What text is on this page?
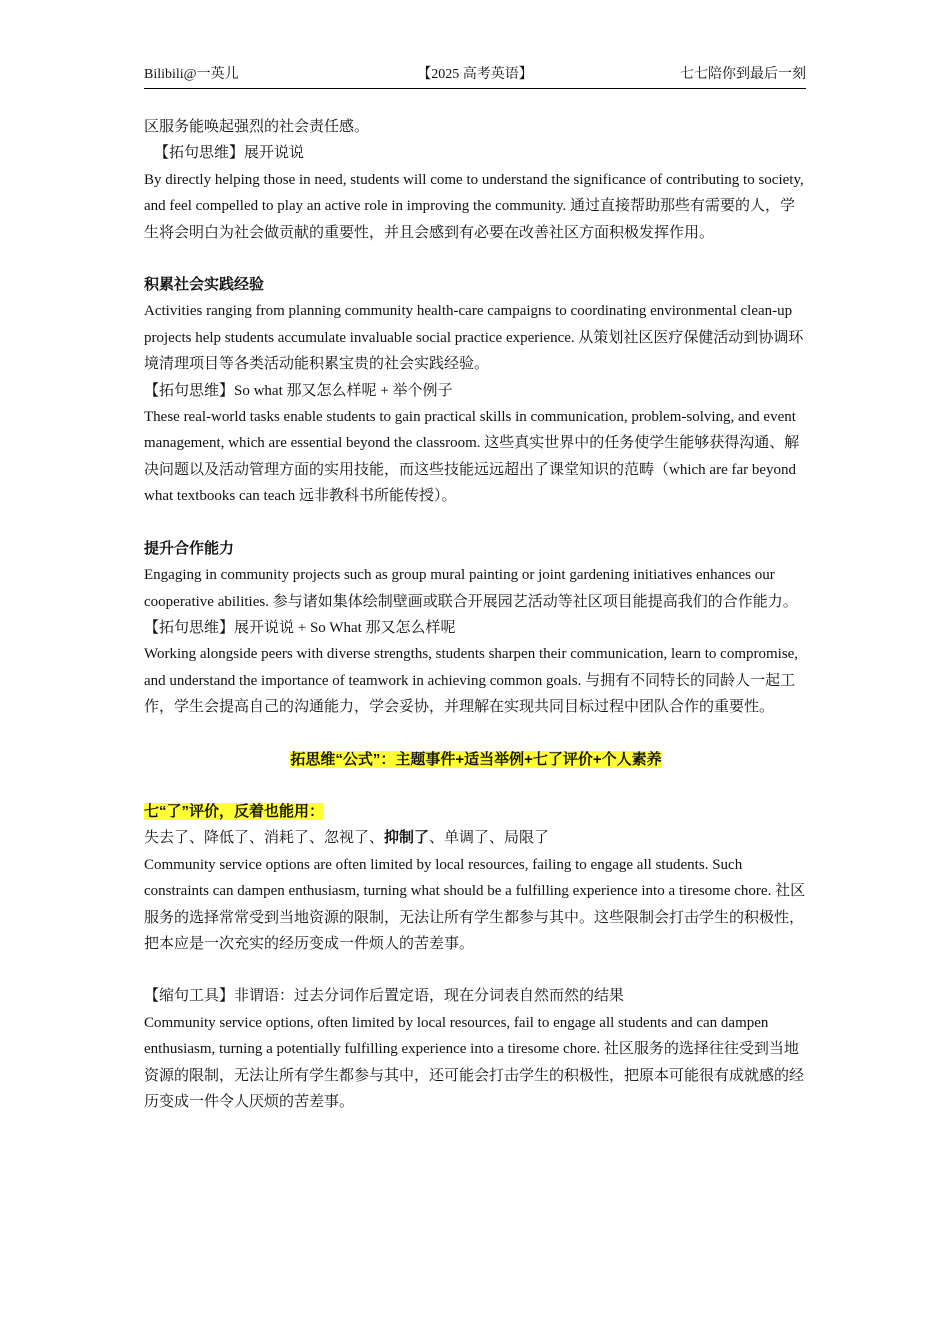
Bilibili@一英儿	【2025 高考英语】	七七陪你到最后一刻

区服务能唤起强烈的社会责任感。

【拓句思维】展开说说

By directly helping those in need, students will come to understand the significance of contributing to society, and feel compelled to play an active role in improving the community. 通过直接帮助那些有需要的人，学生将会明白为社会做贡献的重要性，并且会感到有必要在改善社区方面积极发挥作用。

积累社会实践经验

Activities ranging from planning community health-care campaigns to coordinating environmental clean-up projects help students accumulate invaluable social practice experience. 从策划社区医疗保健活动到协调环境清理项目等各类活动能积累宝贵的社会实践经验。

【拓句思维】So what 那又怎么样呢 + 举个例子

These real-world tasks enable students to gain practical skills in communication, problem-solving, and event management, which are essential beyond the classroom. 这些真实世界中的任务使学生能够获得沟通、解决问题以及活动管理方面的实用技能，而这些技能远远超出了课堂知识的范畴（which are far beyond what textbooks can teach 远非教科书所能传授）。

提升合作能力

Engaging in community projects such as group mural painting or joint gardening initiatives enhances our cooperative abilities. 参与诸如集体绘制壁画或联合开展园艺活动等社区项目能提高我们的合作能力。

【拓句思维】展开说说 + So What 那又怎么样呢

Working alongside peers with diverse strengths, students sharpen their communication, learn to compromise, and understand the importance of teamwork in achieving common goals. 与拥有不同特长的同龄人一起工作，学生会提高自己的沟通能力，学会妥协，并理解在实现共同目标过程中团队合作的重要性。

拓思维“公式”：主题事件+适当举例+七了评价+个人素养

七“了”评价，反着也能用：

失去了、降低了、消耗了、忽视了、抑制了、单调了、局限了

Community service options are often limited by local resources, failing to engage all students. Such constraints can dampen enthusiasm, turning what should be a fulfilling experience into a tiresome chore. 社区服务的选择常常受到当地资源的限制，无法让所有学生都参与其中。这些限制会打击学生的积极性，把本应是一次充实的经历变成一件烦人的苦差事。

【缩句工具】非谓语：过去分词作后置定语，现在分词表自然而然的结果

Community service options, often limited by local resources, fail to engage all students and can dampen enthusiasm, turning a potentially fulfilling experience into a tiresome chore. 社区服务的选择往往受到当地资源的限制，无法让所有学生都参与其中，还可能会打击学生的积极性，把原本可能很有成就感的经历变成一件令人厌烦的苦差事。
